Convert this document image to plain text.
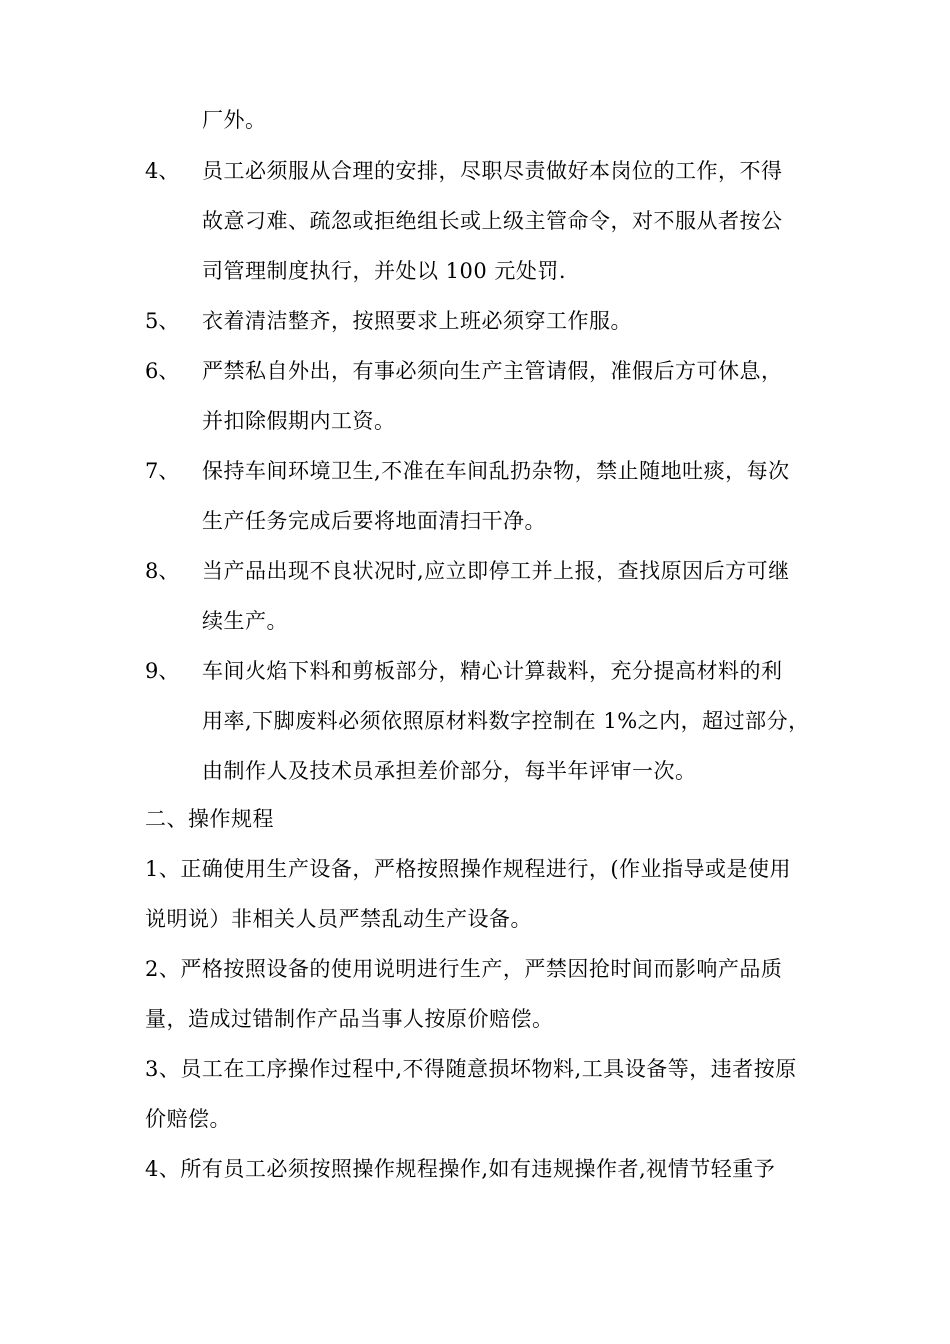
厂外。
4、 员工必须服从合理的安排，尽职尽责做好本岗位的工作，不得
故意刁难、疏忽或拒绝组长或上级主管命令，对不服从者按公
司管理制度执行，并处以 100 元处罚.
5、 衣着清洁整齐，按照要求上班必须穿工作服。
6、 严禁私自外出，有事必须向生产主管请假，准假后方可休息，
并扣除假期内工资。
7、 保持车间环境卫生,不准在车间乱扔杂物，禁止随地吐痰，每次
生产任务完成后要将地面清扫干净。
8、 当产品出现不良状况时,应立即停工并上报，查找原因后方可继
续生产。
9、 车间火焰下料和剪板部分，精心计算裁料，充分提高材料的利
用率,下脚废料必须依照原材料数字控制在 1%之内，超过部分，
由制作人及技术员承担差价部分，每半年评审一次。
二、操作规程
1、正确使用生产设备，严格按照操作规程进行，(作业指导或是使用
说明说）非相关人员严禁乱动生产设备。
2、严格按照设备的使用说明进行生产，严禁因抢时间而影响产品质
量，造成过错制作产品当事人按原价赔偿。
3、员工在工序操作过程中,不得随意损坏物料,工具设备等，违者按原
价赔偿。
4、所有员工必须按照操作规程操作,如有违规操作者,视情节轻重予
